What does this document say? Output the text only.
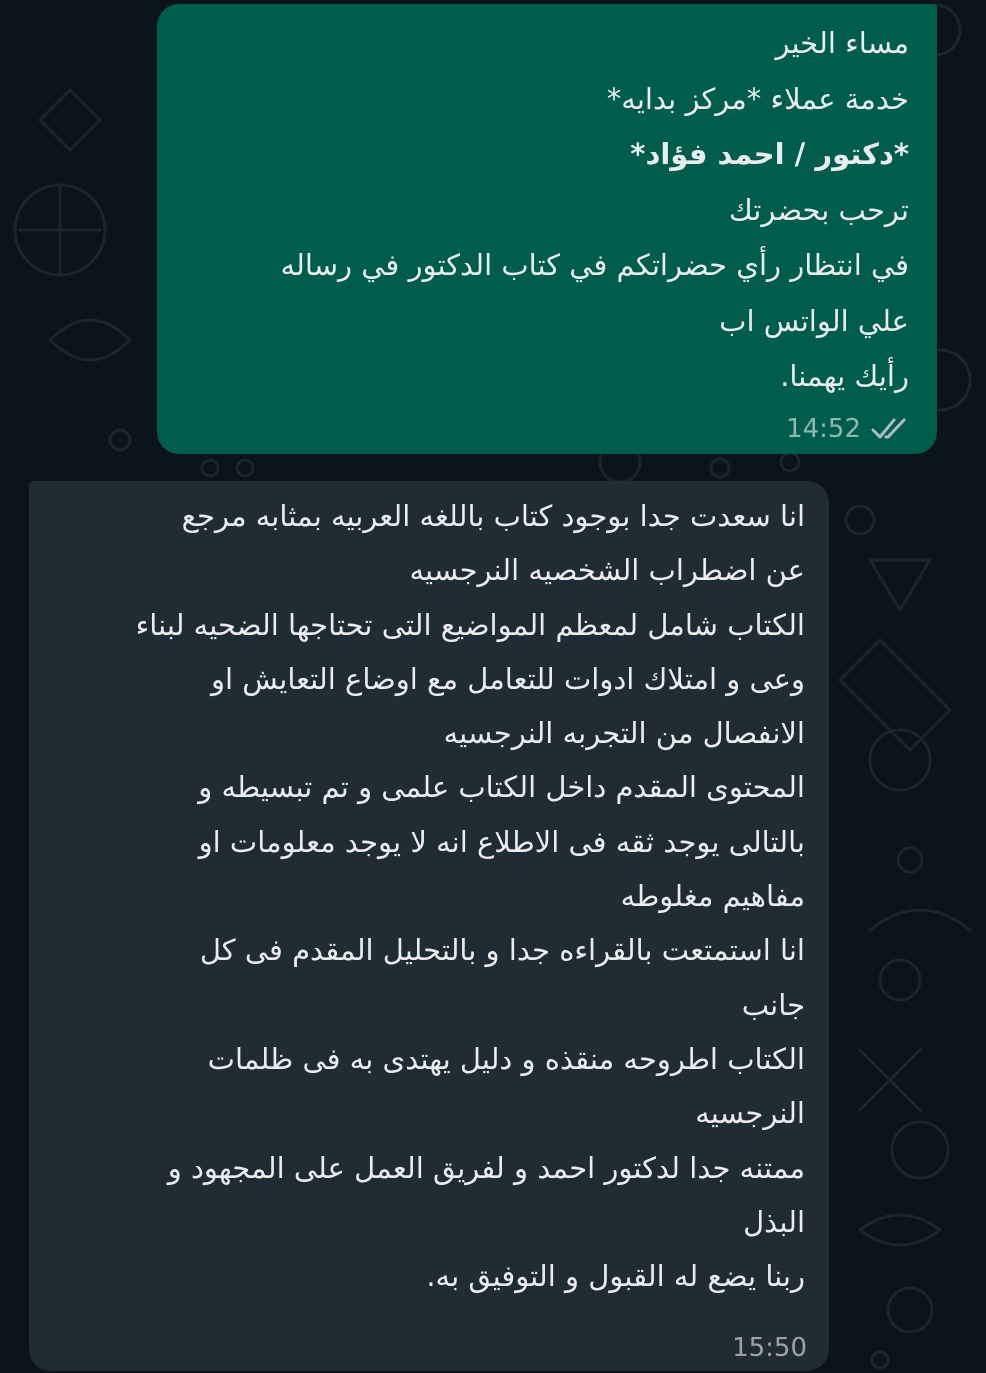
مساء الخير
خدمة عملاء *مركز بدايه*
*دكتور / احمد فؤاد*
ترحب بحضرتك
في انتظار رأي حضراتكم في كتاب الدكتور في رساله
علي الواتس اب
رأيك يهمنا.
14:52
انا سعدت جدا بوجود كتاب باللغه العربيه بمثابه مرجع
عن اضطراب الشخصيه النرجسيه
الكتاب شامل لمعظم المواضيع التى تحتاجها الضحيه لبناء
وعى و امتلاك ادوات للتعامل مع اوضاع التعايش او
الانفصال من التجربه النرجسيه
المحتوى المقدم داخل الكتاب علمى و تم تبسيطه و
بالتالى يوجد ثقه فى الاطلاع انه لا يوجد معلومات او
مفاهيم مغلوطه
انا استمتعت بالقراءه جدا و بالتحليل المقدم فى كل
جانب
الكتاب اطروحه منقذه و دليل يهتدى به فى ظلمات
النرجسيه
ممتنه جدا لدكتور احمد و لفريق العمل على المجهود و
البذل
ربنا يضع له القبول و التوفيق به.
15:50
